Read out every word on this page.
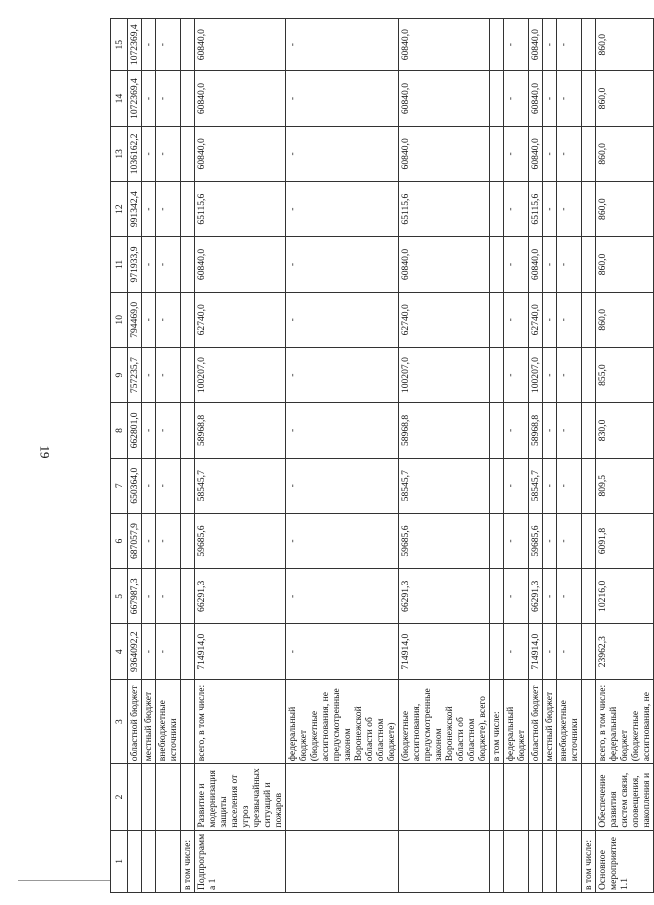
19
1	2	3	4	5	6	7	8	9	10	11	12	13	14	15
		областной бюджет	9364092,2	667987,3	687057,9	650364,0	662801,0	757235,7	794469,0	971933,9	991342,4	1036162,2	1072369,4	1072369,4
		местный бюджет	-	-	-	-	-	-	-	-	-	-	-	-
		внебюджетные источники	-	-	-	-	-	-	-	-	-	-	-	-
в том числе:														
Подпрограмма 1	Развитие и модернизация защиты населения от угроз чрезвычайных ситуаций и пожаров	всего, в том числе:	714914,0	66291,3	59685,6	58545,7	58968,8	100207,0	62740,0	60840,0	65115,6	60840,0	60840,0	60840,0
		федеральный бюджет (бюджетные ассигнования, не предусмотренные законом Воронежской области об областном бюджете)	-	-	-	-	-	-	-	-	-	-	-	-
		(бюджетные ассигнования, предусмотренные законом Воронежской области об областном бюджете), всего	714914,0	66291,3	59685,6	58545,7	58968,8	100207,0	62740,0	60840,0	65115,6	60840,0	60840,0	60840,0
		в том числе:												
		федеральный бюджет	-	-	-	-	-	-	-	-	-	-	-	-
		областной бюджет	714914,0	66291,3	59685,6	58545,7	58968,8	100207,0	62740,0	60840,0	65115,6	60840,0	60840,0	60840,0
		местный бюджет	-	-	-	-	-	-	-	-	-	-	-	-
		внебюджетные источники	-	-	-	-	-	-	-	-	-	-	-	-
в том числе:														
Основное мероприятие 1.1	Обеспечение развития систем связи, оповещения, накопления и	всего, в том числе: федеральный бюджет (бюджетные ассигнования, не	23962,3	10216,0	6091,8	809,5	830,0	855,0	860,0	860,0	860,0	860,0	860,0	860,0
